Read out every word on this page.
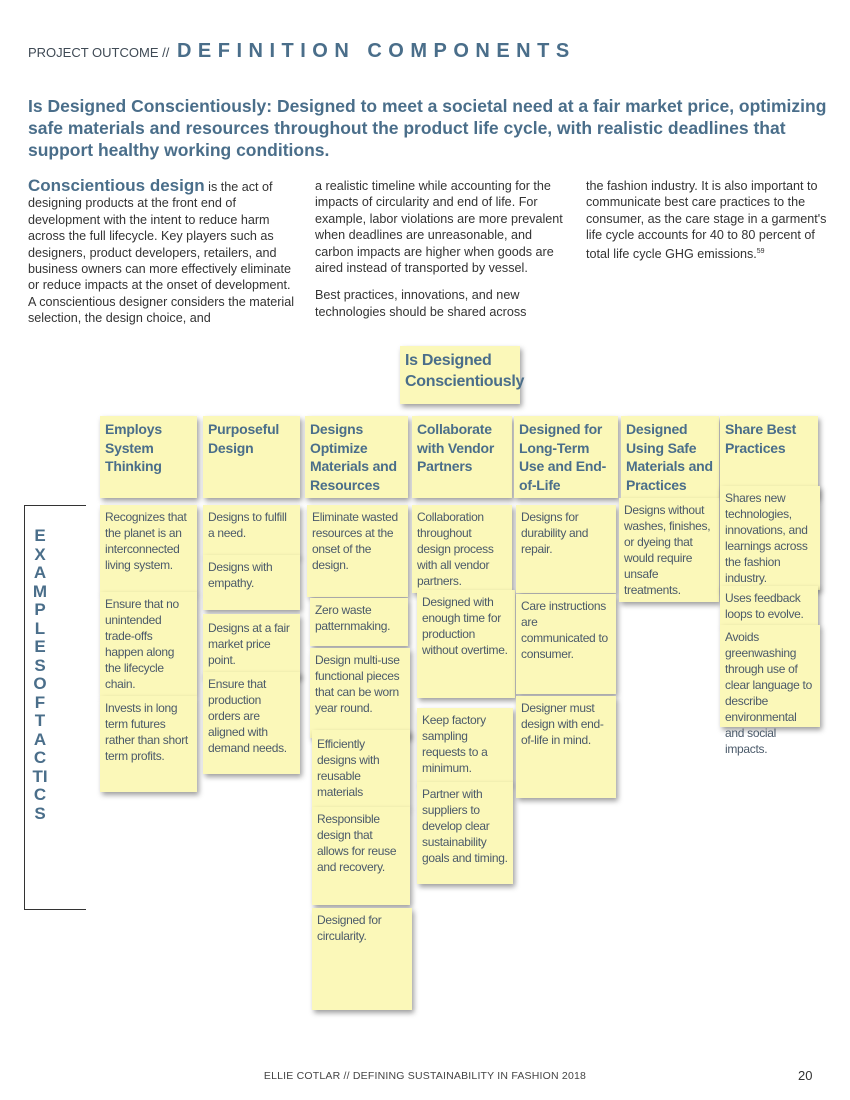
PROJECT OUTCOME // DEFINITION COMPONENTS
Is Designed Conscientiously: Designed to meet a societal need at a fair market price, optimizing safe materials and resources throughout the product life cycle, with realistic deadlines that support healthy working conditions.

Conscientious design is the act of designing products at the front end of development with the intent to reduce harm across the full lifecycle. Key players such as designers, product developers, retailers, and business owners can more effectively eliminate or reduce impacts at the onset of development. A conscientious designer considers the material selection, the design choice, and

a realistic timeline while accounting for the impacts of circularity and end of life. For example, labor violations are more prevalent when deadlines are unreasonable, and carbon impacts are higher when goods are aired instead of transported by vessel.

Best practices, innovations, and new technologies should be shared across

the fashion industry. It is also important to communicate best care practices to the consumer, as the care stage in a garment's life cycle accounts for 40 to 80 percent of total life cycle GHG emissions.$^{59}$

Is Designed Conscientiously
Employs System Thinking
Purposeful Design
Designs Optimize Materials and Resources
Collaborate with Vendor Partners
Designed for Long-Term Use and End-of-Life
Designed Using Safe Materials and Practices
Share Best Practices
Recognizes that the planet is an interconnected living system.
Ensure that no unintended trade-offs happen along the lifecycle chain.
Invests in long term futures rather than short term profits.
Designs to fulfill a need.
Designs with empathy.
Designs at a fair market price point.
Ensure that production orders are aligned with demand needs.
Eliminate wasted resources at the onset of the design.
Zero waste patternmaking.
Design multi-use functional pieces that can be worn year round.
Efficiently designs with reusable materials
Responsible design that allows for reuse and recovery.
Designed for circularity.
Collaboration throughout design process with all vendor partners.
Designed with enough time for production without overtime.
Keep factory sampling requests to a minimum.
Partner with suppliers to develop clear sustainability goals and timing.
Designs for durability and repair.
Care instructions are communicated to consumer.
Designer must design with end-of-life in mind.
Designs without washes, finishes, or dyeing that would require unsafe treatments.
Shares new technologies, innovations, and learnings across the fashion industry.
Uses feedback loops to evolve.
Avoids greenwashing through use of clear language to describe environmental and social impacts.
EXAMPLES OF TACTICS
ELLIE COTLAR // DEFINING SUSTAINABILITY IN FASHION 2018	20
